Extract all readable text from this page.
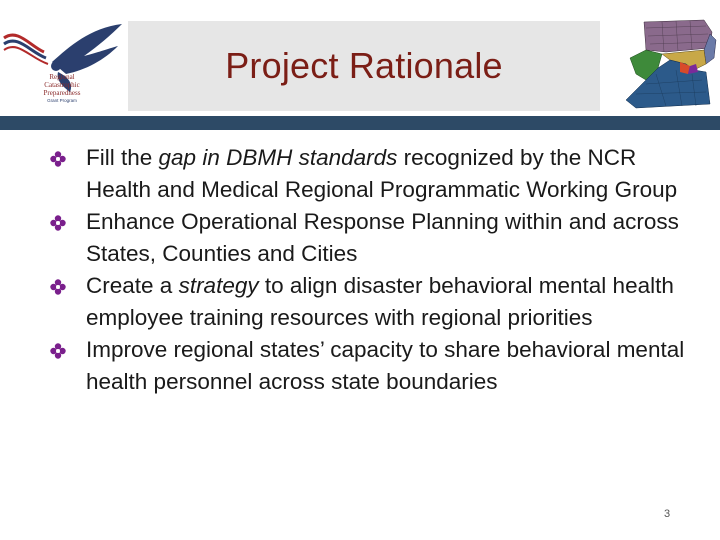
Regional
Catastrophic
Preparedness
Grant Program
Project Rationale
Fill the gap in DBMH standards recognized by the NCR Health and Medical Regional Programmatic Working Group
Enhance Operational Response Planning within and across States, Counties and Cities
Create a strategy to align disaster behavioral mental health employee training resources with regional priorities
Improve regional states’ capacity to share behavioral mental health personnel across state boundaries
3
